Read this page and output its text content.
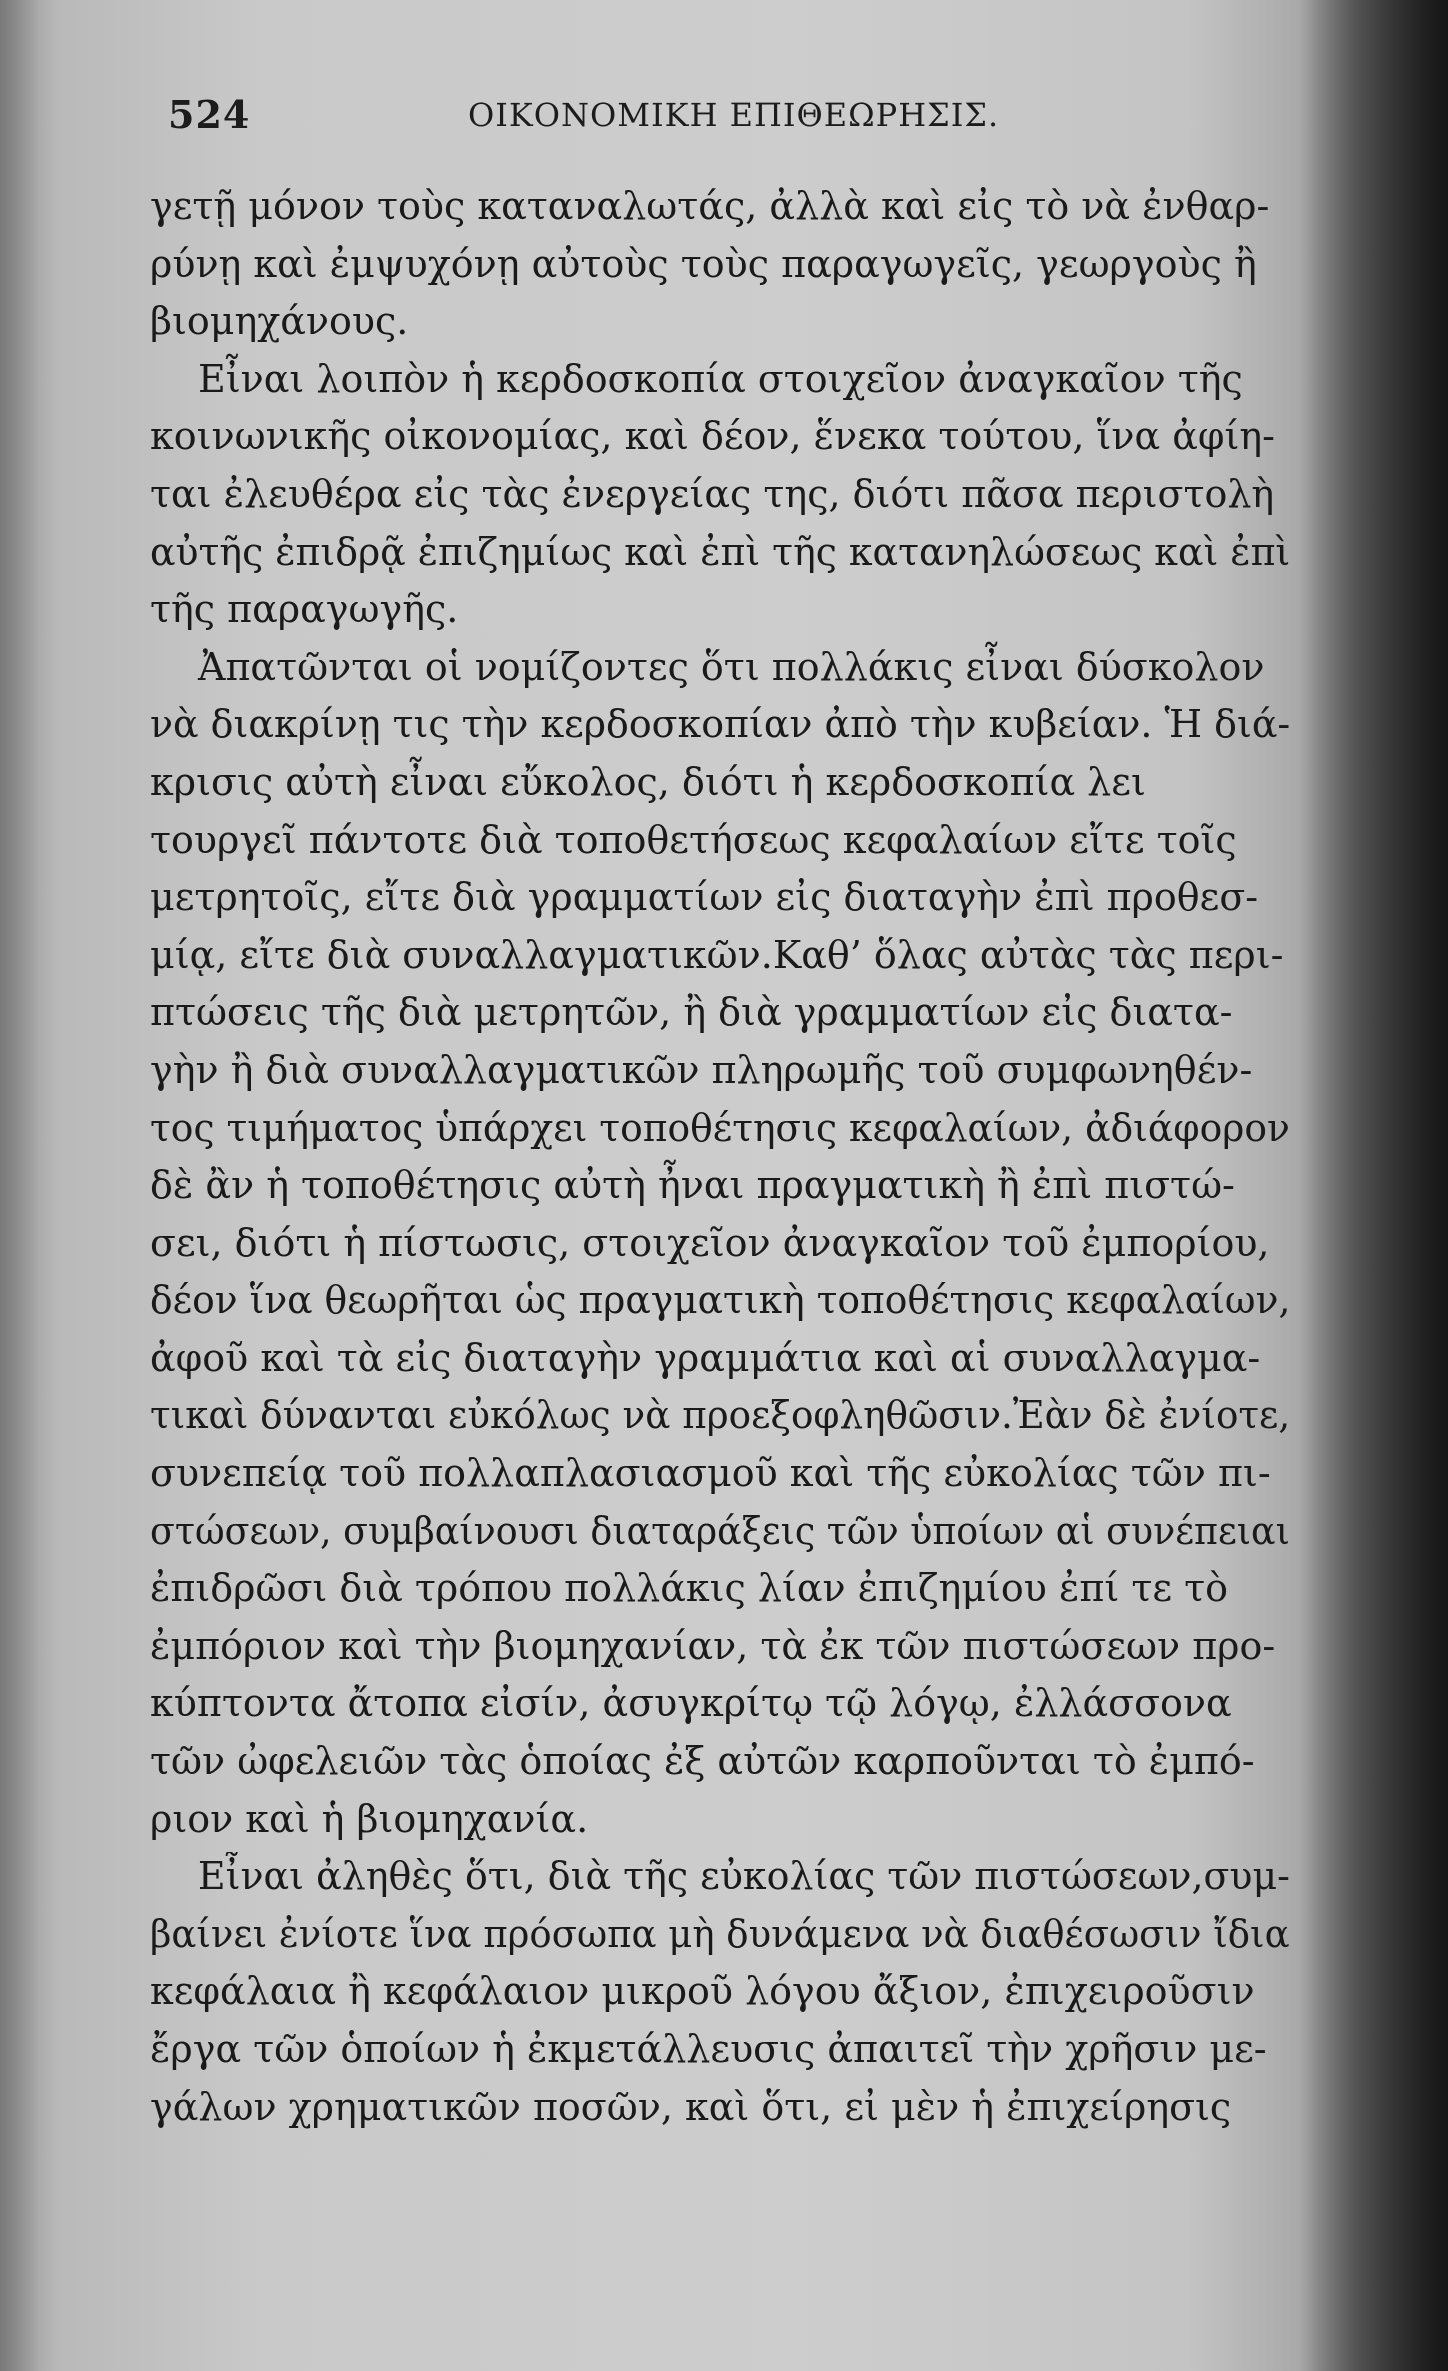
524	ΟΙΚΟΝΟΜΙΚΗ ΕΠΙΘΕΩΡΗΣΙΣ.
γετῇ μόνον τοὺς καταναλωτάς, ἀλλὰ καὶ εἰς τὸ νὰ ἐνθαρ-
ρύνῃ καὶ ἐμψυχόνῃ αὐτοὺς τοὺς παραγωγεῖς, γεωργοὺς ἢ
βιομηχάνους.
Εἶναι λοιπὸν ἡ κερδοσκοπία στοιχεῖον ἀναγκαῖον τῆς
κοινωνικῆς οἰκονομίας, καὶ δέον, ἕνεκα τούτου, ἵνα ἀφίη-
ται ἐλευθέρα εἰς τὰς ἐνεργείας της, διότι πᾶσα περιστολὴ
αὐτῆς ἐπιδρᾷ ἐπιζημίως καὶ ἐπὶ τῆς κατανηλώσεως καὶ ἐπὶ
τῆς παραγωγῆς.
Ἀπατῶνται οἱ νομίζοντες ὅτι πολλάκις εἶναι δύσκολον
νὰ διακρίνῃ τις τὴν κερδοσκοπίαν ἀπὸ τὴν κυβείαν. Ἡ διά-
κρισις αὐτὴ εἶναι εὔκολος, διότι ἡ κερδοσκοπία λει
τουργεῖ πάντοτε διὰ τοποθετήσεως κεφαλαίων εἴτε τοῖς
μετρητοῖς, εἴτε διὰ γραμματίων εἰς διαταγὴν ἐπὶ προθεσ-
μίᾳ, εἴτε διὰ συναλλαγματικῶν.Καθ’ ὅλας αὐτὰς τὰς περι-
πτώσεις τῆς διὰ μετρητῶν, ἢ διὰ γραμματίων εἰς διατα-
γὴν ἢ διὰ συναλλαγματικῶν πληρωμῆς τοῦ συμφωνηθέν-
τος τιμήματος ὑπάρχει τοποθέτησις κεφαλαίων, ἀδιάφορον
δὲ ἂν ἡ τοποθέτησις αὐτὴ ἦναι πραγματικὴ ἢ ἐπὶ πιστώ-
σει, διότι ἡ πίστωσις, στοιχεῖον ἀναγκαῖον τοῦ ἐμπορίου,
δέον ἵνα θεωρῆται ὡς πραγματικὴ τοποθέτησις κεφαλαίων,
ἀφοῦ καὶ τὰ εἰς διαταγὴν γραμμάτια καὶ αἱ συναλλαγμα-
τικαὶ δύνανται εὐκόλως νὰ προεξοφληθῶσιν.Ἐὰν δὲ ἐνίοτε,
συνεπείᾳ τοῦ πολλαπλασιασμοῦ καὶ τῆς εὐκολίας τῶν πι-
στώσεων, συμβαίνουσι διαταράξεις τῶν ὑποίων αἱ συνέπειαι
ἐπιδρῶσι διὰ τρόπου πολλάκις λίαν ἐπιζημίου ἐπί τε τὸ
ἐμπόριον καὶ τὴν βιομηχανίαν, τὰ ἐκ τῶν πιστώσεων προ-
κύπτοντα ἄτοπα εἰσίν, ἀσυγκρίτῳ τῷ λόγῳ, ἐλλάσσονα
τῶν ὠφελειῶν τὰς ὁποίας ἐξ αὐτῶν καρποῦνται τὸ ἐμπό-
ριον καὶ ἡ βιομηχανία.
Εἶναι ἀληθὲς ὅτι, διὰ τῆς εὐκολίας τῶν πιστώσεων,συμ-
βαίνει ἐνίοτε ἵνα πρόσωπα μὴ δυνάμενα νὰ διαθέσωσιν ἴδια
κεφάλαια ἢ κεφάλαιον μικροῦ λόγου ἄξιον, ἐπιχειροῦσιν
ἔργα τῶν ὁποίων ἡ ἐκμετάλλευσις ἀπαιτεῖ τὴν χρῆσιν με-
γάλων χρηματικῶν ποσῶν, καὶ ὅτι, εἰ μὲν ἡ ἐπιχείρησις
